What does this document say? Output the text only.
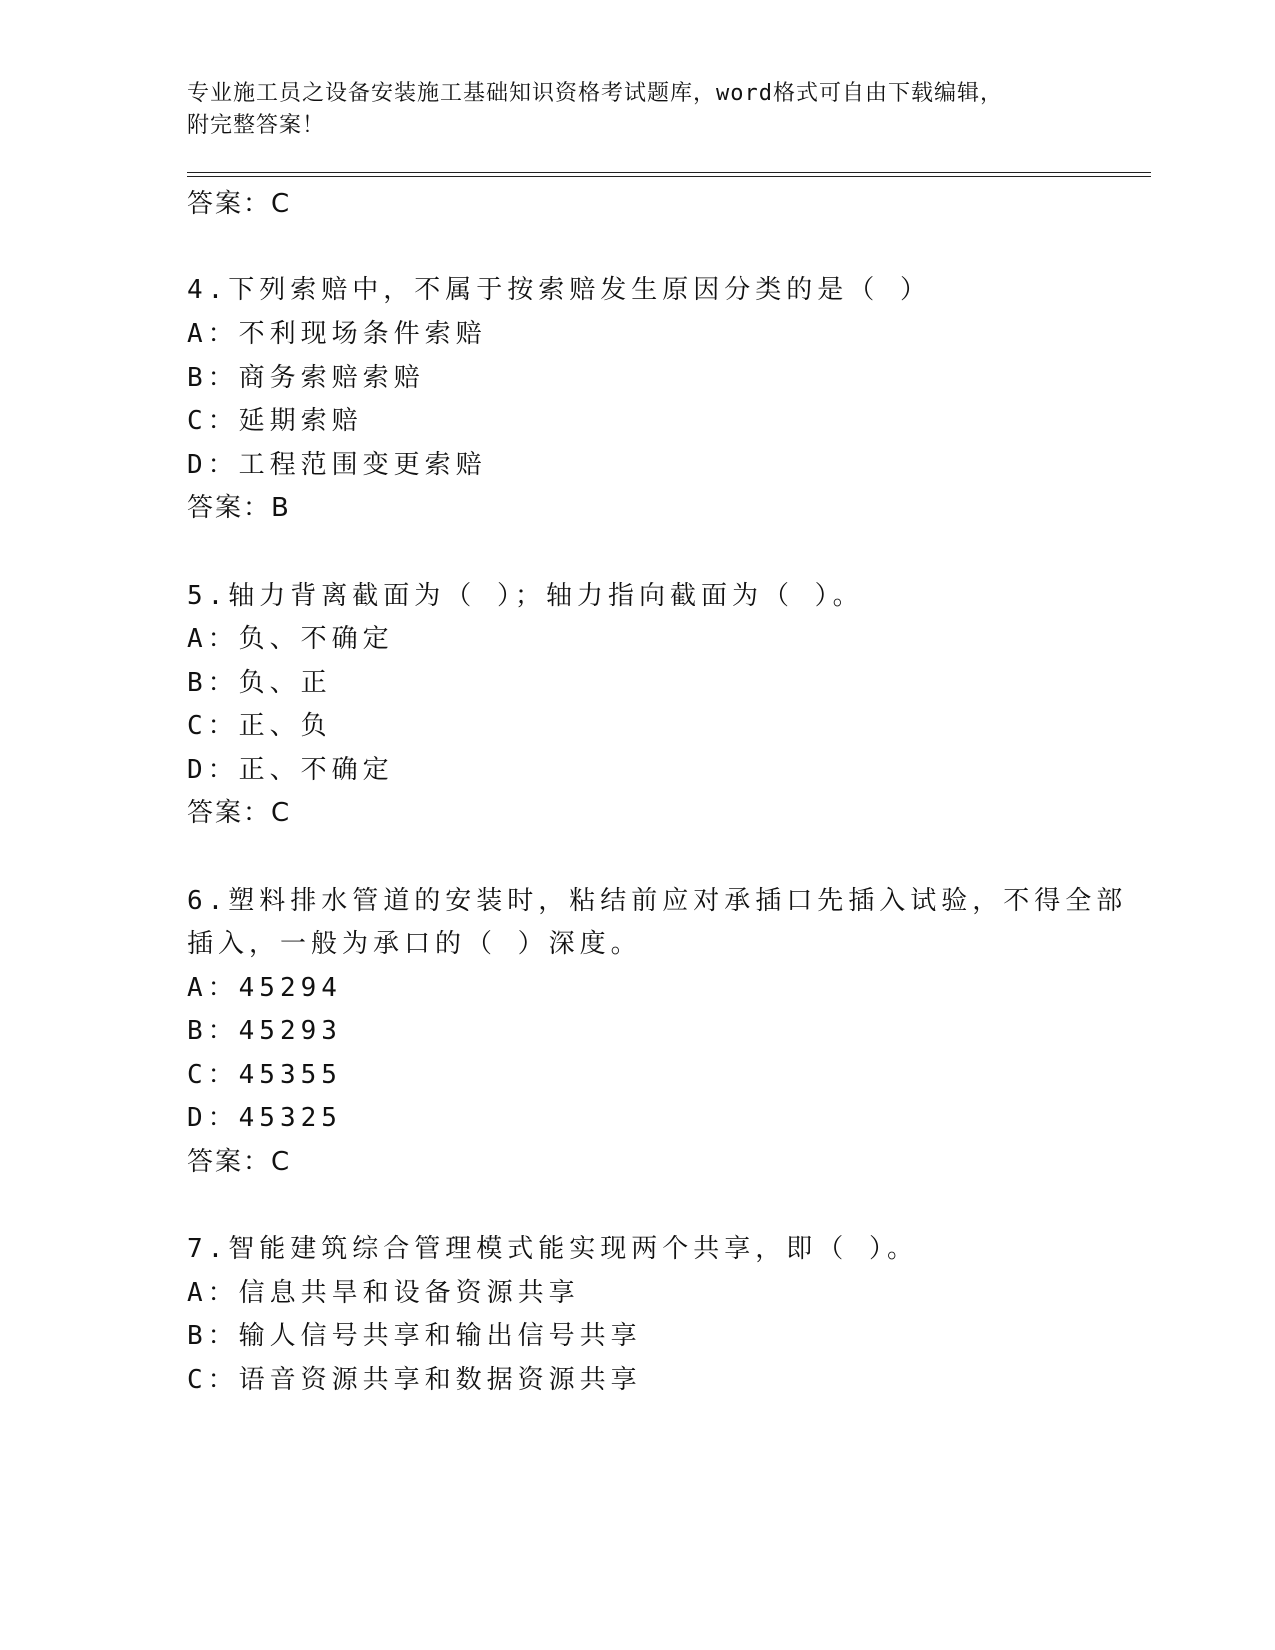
专业施工员之设备安装施工基础知识资格考试题库，word格式可自由下载编辑，
附完整答案！
答案：C
4.下列索赔中，不属于按索赔发生原因分类的是（ ）
A：不利现场条件索赔
B：商务索赔索赔
C：延期索赔
D：工程范围变更索赔
答案：B
5.轴力背离截面为（ ）；轴力指向截面为（ ）。
A：负、不确定
B：负、正
C：正、负
D：正、不确定
答案：C
6.塑料排水管道的安装时，粘结前应对承插口先插入试验，不得全部
插入，一般为承口的（ ）深度。
A：45294
B：45293
C：45355
D：45325
答案：C
7.智能建筑综合管理模式能实现两个共享，即（ ）。
A：信息共旱和设备资源共享
B：输人信号共享和输出信号共享
C：语音资源共享和数据资源共享
